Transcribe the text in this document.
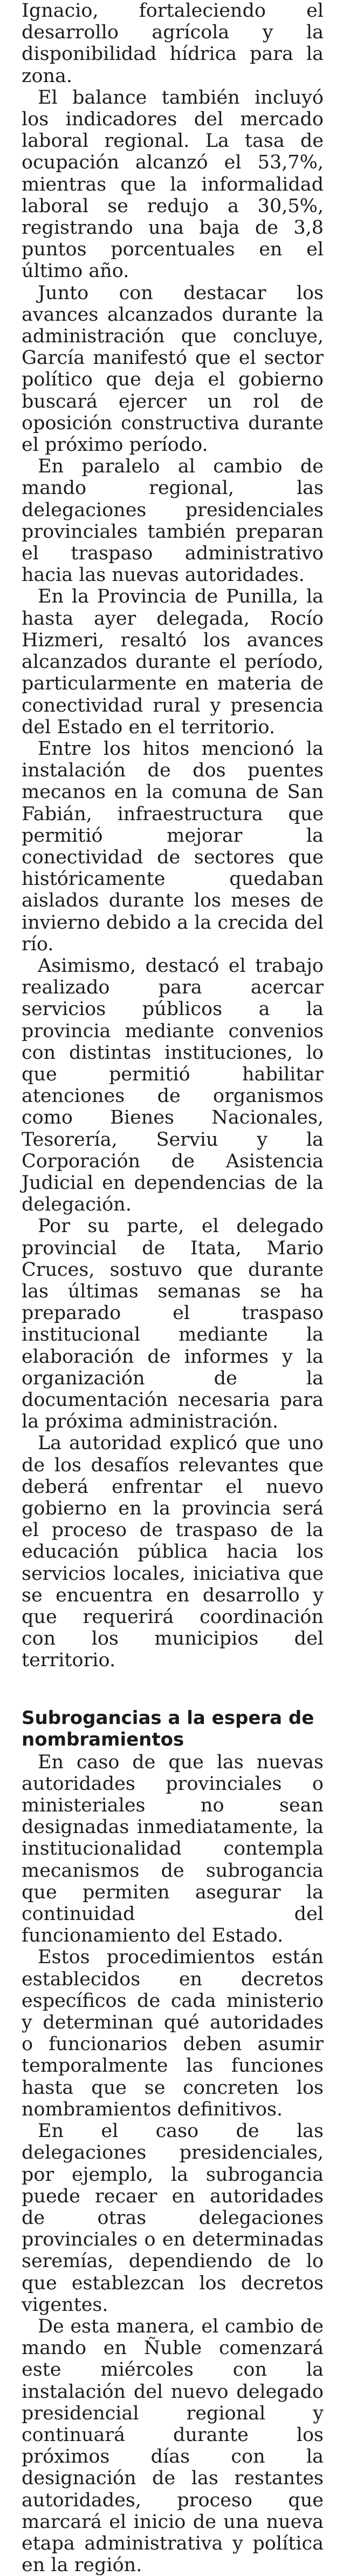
Ignacio, fortaleciendo el desarrollo agrícola y la disponibilidad hídrica para la zona.

El balance también incluyó los indicadores del mercado laboral regional. La tasa de ocupación alcanzó el 53,7%, mientras que la informalidad laboral se redujo a 30,5%, registrando una baja de 3,8 puntos porcentuales en el último año.

Junto con destacar los avances alcanzados durante la administración que concluye, García manifestó que el sector político que deja el gobierno buscará ejercer un rol de oposición constructiva durante el próximo período.

En paralelo al cambio de mando regional, las delegaciones presidenciales provinciales también preparan el traspaso administrativo hacia las nuevas autoridades.

En la Provincia de Punilla, la hasta ayer delegada, Rocío Hizmeri, resaltó los avances alcanzados durante el período, particularmente en materia de conectividad rural y presencia del Estado en el territorio.

Entre los hitos mencionó la instalación de dos puentes mecanos en la comuna de San Fabián, infraestructura que permitió mejorar la conectividad de sectores que históricamente quedaban aislados durante los meses de invierno debido a la crecida del río.

Asimismo, destacó el trabajo realizado para acercar servicios públicos a la provincia mediante convenios con distintas instituciones, lo que permitió habilitar atenciones de organismos como Bienes Nacionales, Tesorería, Serviu y la Corporación de Asistencia Judicial en dependencias de la delegación.

Por su parte, el delegado provincial de Itata, Mario Cruces, sostuvo que durante las últimas semanas se ha preparado el traspaso institucional mediante la elaboración de informes y la organización de la documentación necesaria para la próxima administración.

La autoridad explicó que uno de los desafíos relevantes que deberá enfrentar el nuevo gobierno en la provincia será el proceso de traspaso de la educación pública hacia los servicios locales, iniciativa que se encuentra en desarrollo y que requerirá coordinación con los municipios del territorio.

Subrogancias a la espera de nombramientos

En caso de que las nuevas autoridades provinciales o ministeriales no sean designadas inmediatamente, la institucionalidad contempla mecanismos de subrogancia que permiten asegurar la continuidad del funcionamiento del Estado.

Estos procedimientos están establecidos en decretos específicos de cada ministerio y determinan qué autoridades o funcionarios deben asumir temporalmente las funciones hasta que se concreten los nombramientos definitivos.

En el caso de las delegaciones presidenciales, por ejemplo, la subrogancia puede recaer en autoridades de otras delegaciones provinciales o en determinadas seremías, dependiendo de lo que establezcan los decretos vigentes.

De esta manera, el cambio de mando en Ñuble comenzará este miércoles con la instalación del nuevo delegado presidencial regional y continuará durante los próximos días con la designación de las restantes autoridades, proceso que marcará el inicio de una nueva etapa administrativa y política en la región.
